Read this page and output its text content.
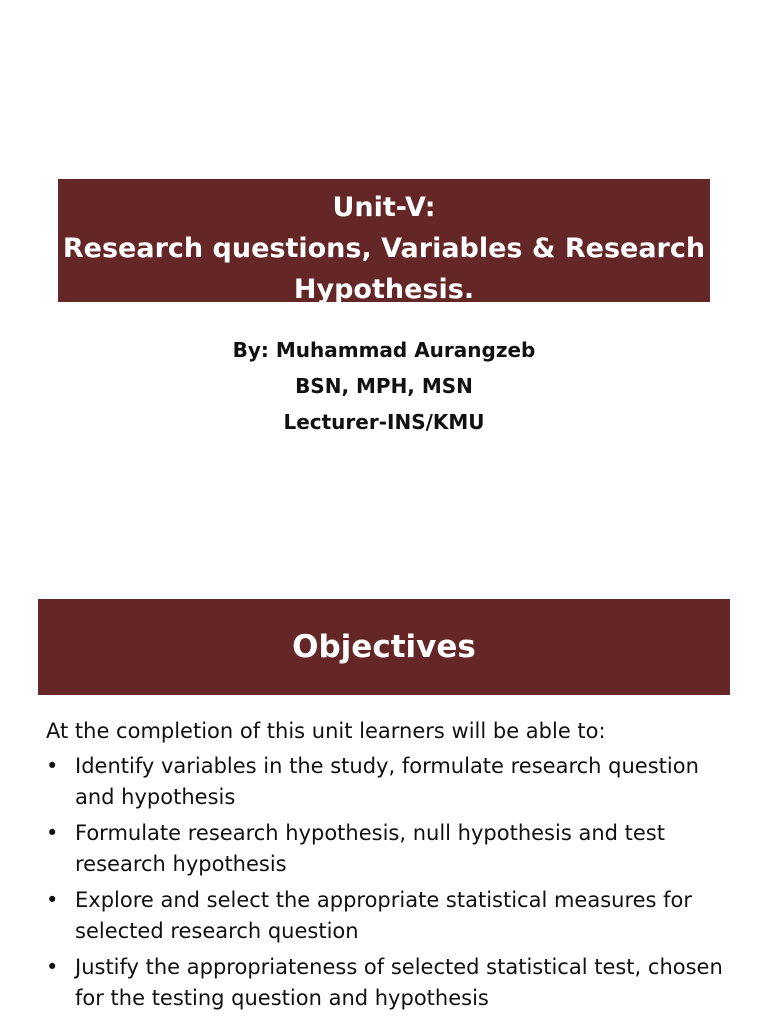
Unit-V:
Research questions, Variables & Research
Hypothesis.
By: Muhammad Aurangzeb
BSN, MPH, MSN
Lecturer-INS/KMU
Objectives
At the completion of this unit learners will be able to:
• Identify variables in the study, formulate research question and hypothesis
• Formulate research hypothesis, null hypothesis and test research hypothesis
• Explore and select the appropriate statistical measures for selected research question
• Justify the appropriateness of selected statistical test, chosen for the testing question and hypothesis
